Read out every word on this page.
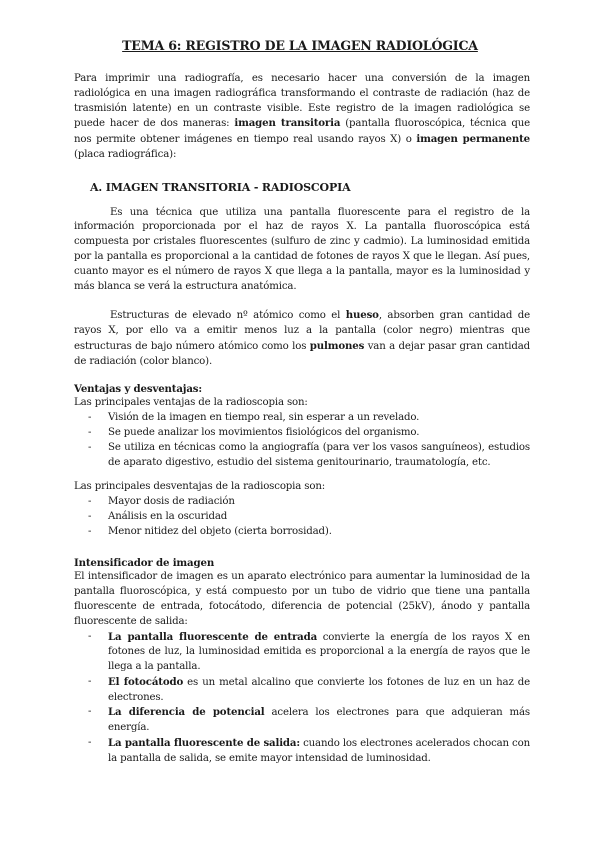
TEMA 6: REGISTRO DE LA IMAGEN RADIOLÓGICA

Para imprimir una radiografía, es necesario hacer una conversión de la imagen radiológica en una imagen radiográfica transformando el contraste de radiación (haz de trasmisión latente) en un contraste visible. Este registro de la imagen radiológica se puede hacer de dos maneras: imagen transitoria (pantalla fluoroscópica, técnica que nos permite obtener imágenes en tiempo real usando rayos X) o imagen permanente (placa radiográfica):

A. IMAGEN TRANSITORIA - RADIOSCOPIA

Es una técnica que utiliza una pantalla fluorescente para el registro de la información proporcionada por el haz de rayos X. La pantalla fluoroscópica está compuesta por cristales fluorescentes (sulfuro de zinc y cadmio). La luminosidad emitida por la pantalla es proporcional a la cantidad de fotones de rayos X que le llegan. Así pues, cuanto mayor es el número de rayos X que llega a la pantalla, mayor es la luminosidad y más blanca se verá la estructura anatómica.

Estructuras de elevado nº atómico como el hueso, absorben gran cantidad de rayos X, por ello va a emitir menos luz a la pantalla (color negro) mientras que estructuras de bajo número atómico como los pulmones van a dejar pasar gran cantidad de radiación (color blanco).

Ventajas y desventajas:

Las principales ventajas de la radioscopia son:

- Visión de la imagen en tiempo real, sin esperar a un revelado.
- Se puede analizar los movimientos fisiológicos del organismo.
- Se utiliza en técnicas como la angiografía (para ver los vasos sanguíneos), estudios de aparato digestivo, estudio del sistema genitourinario, traumatología, etc.

Las principales desventajas de la radioscopia son:

- Mayor dosis de radiación
- Análisis en la oscuridad
- Menor nitidez del objeto (cierta borrosidad).
Intensificador de imagen

El intensificador de imagen es un aparato electrónico para aumentar la luminosidad de la pantalla fluoroscópica, y está compuesto por un tubo de vidrio que tiene una pantalla fluorescente de entrada, fotocátodo, diferencia de potencial (25kV), ánodo y pantalla fluorescente de salida:

- La pantalla fluorescente de entrada convierte la energía de los rayos X en fotones de luz, la luminosidad emitida es proporcional a la energía de rayos que le llega a la pantalla.
- El fotocátodo es un metal alcalino que convierte los fotones de luz en un haz de electrones.
- La diferencia de potencial acelera los electrones para que adquieran más energía.
- La pantalla fluorescente de salida: cuando los electrones acelerados chocan con la pantalla de salida, se emite mayor intensidad de luminosidad.
